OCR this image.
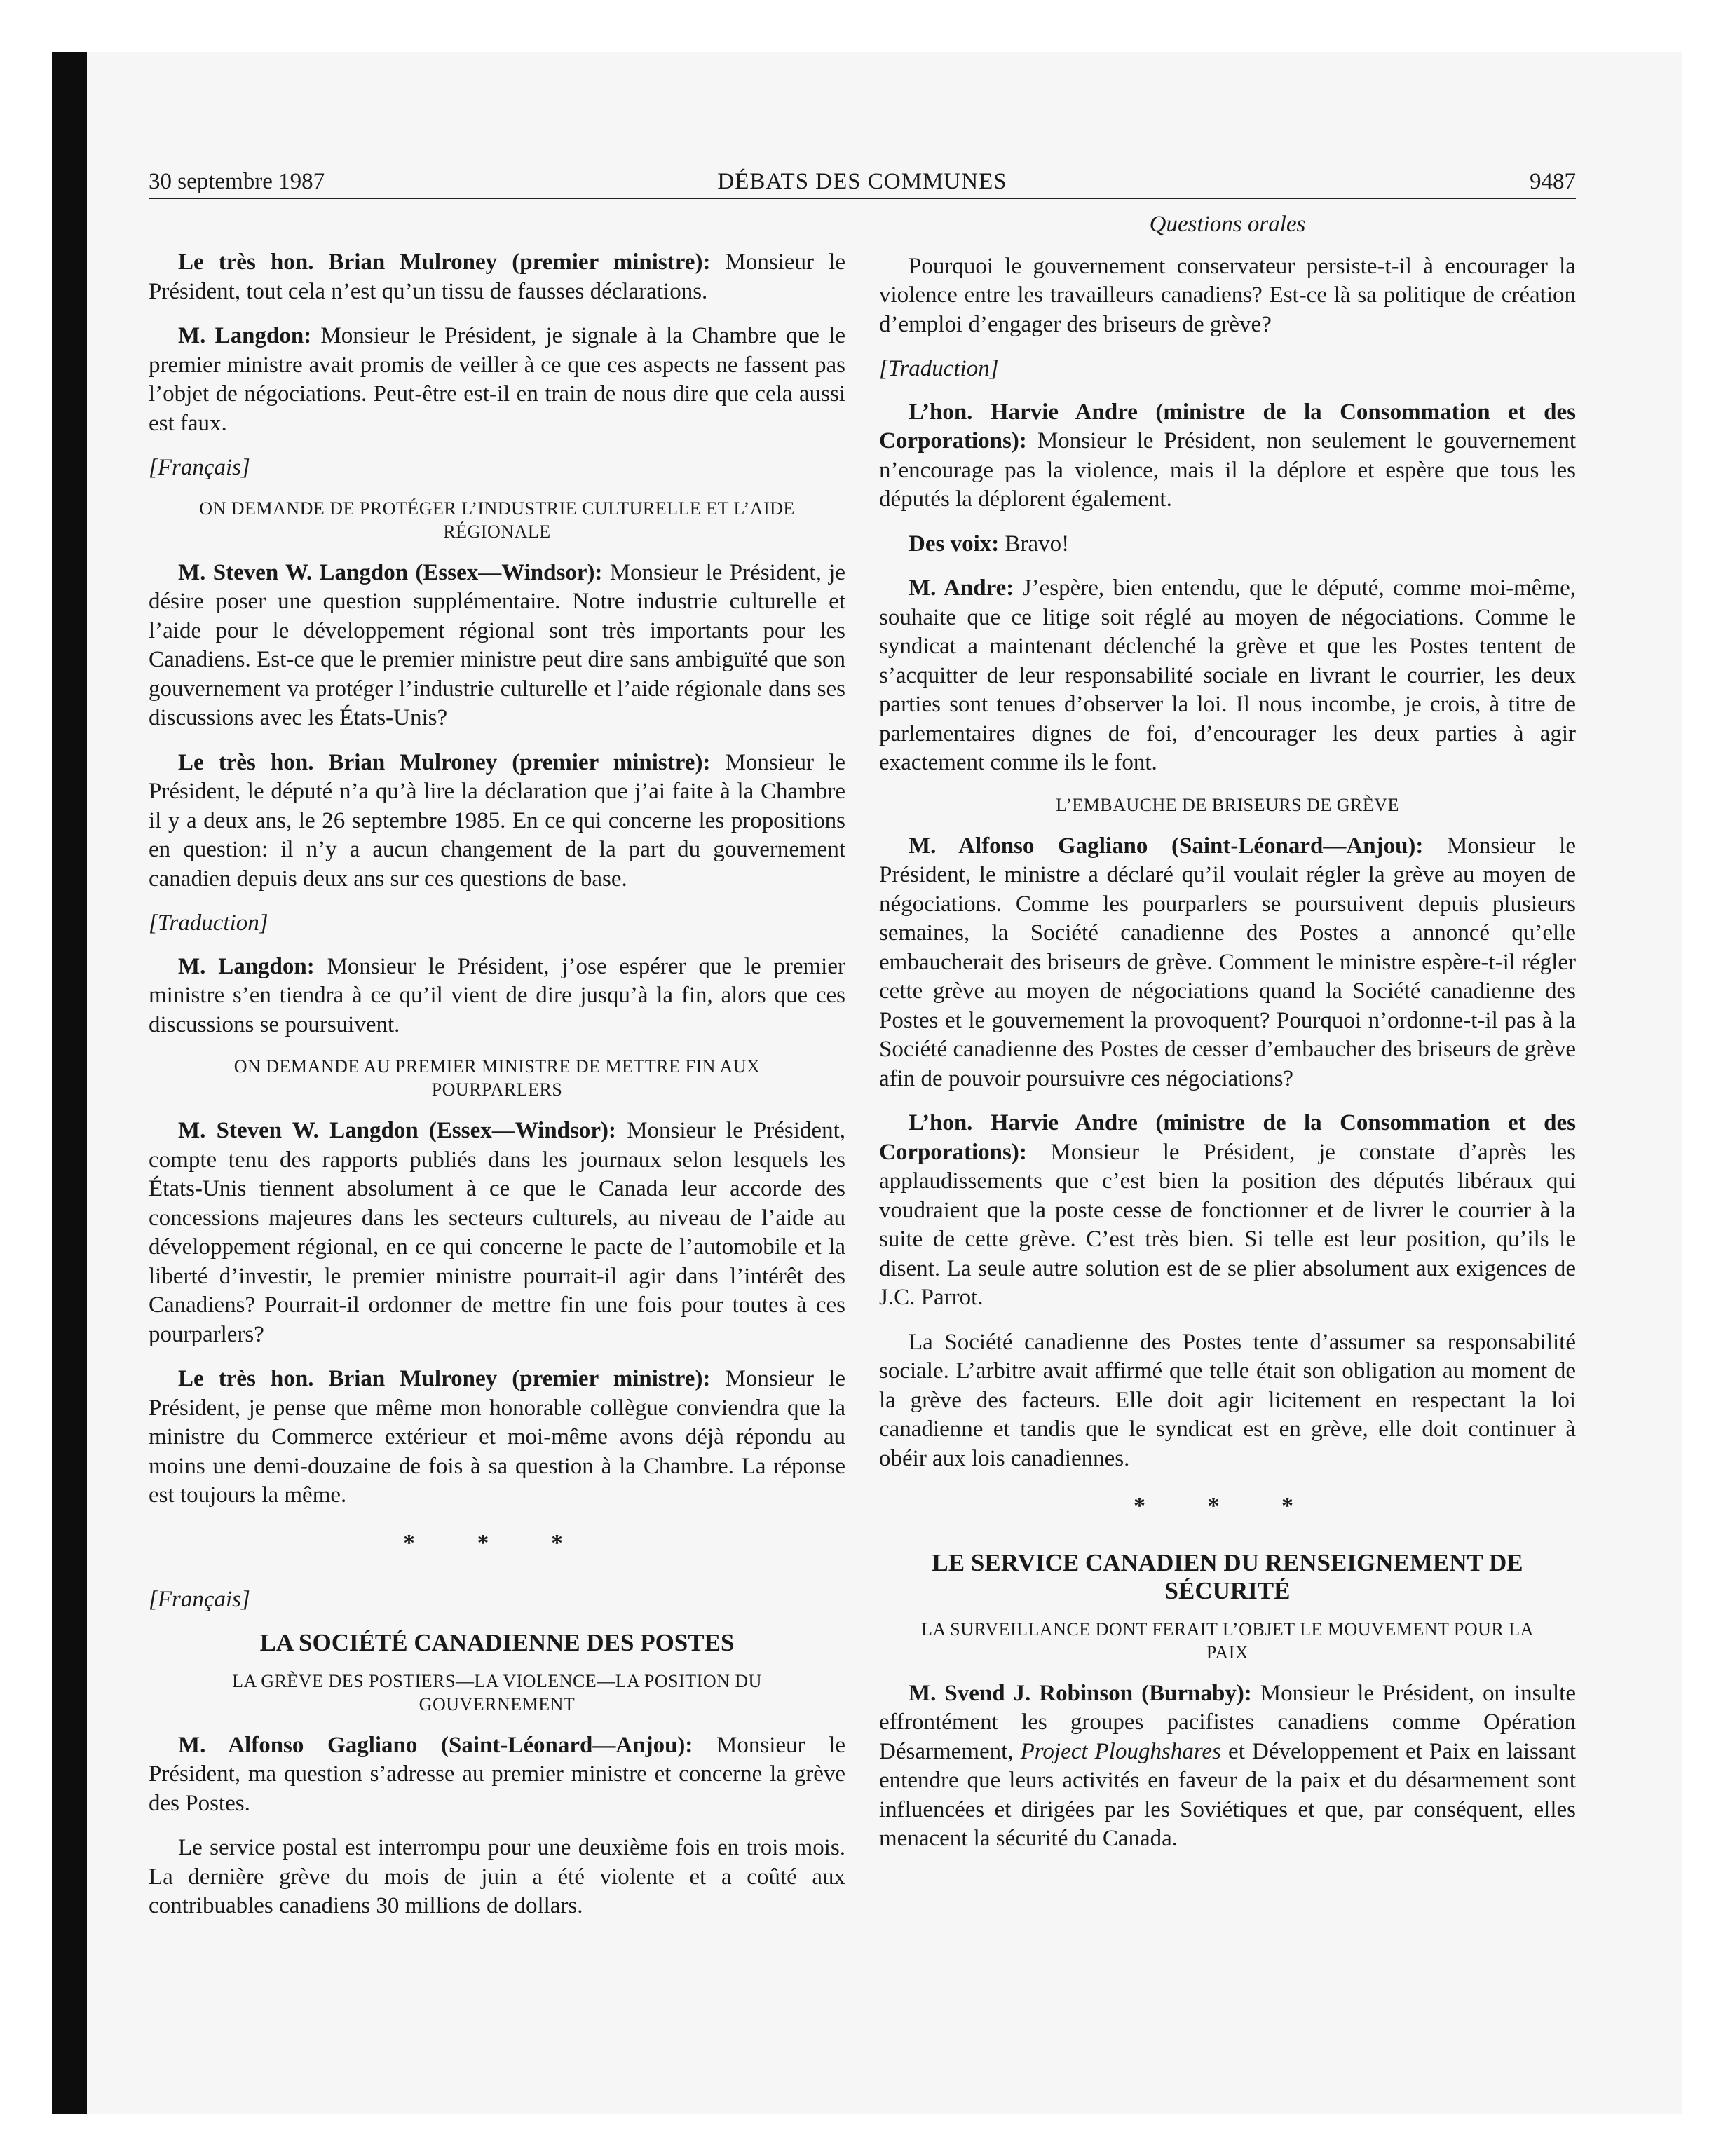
30 septembre 1987	DÉBATS DES COMMUNES	9487

Le très hon. Brian Mulroney (premier ministre): Monsieur le Président, tout cela n’est qu’un tissu de fausses déclarations.

M. Langdon: Monsieur le Président, je signale à la Chambre que le premier ministre avait promis de veiller à ce que ces aspects ne fassent pas l’objet de négociations. Peut-être est-il en train de nous dire que cela aussi est faux.

[Français]
ON DEMANDE DE PROTÉGER L’INDUSTRIE CULTURELLE ET L’AIDE RÉGIONALE

M. Steven W. Langdon (Essex—Windsor): Monsieur le Président, je désire poser une question supplémentaire. Notre industrie culturelle et l’aide pour le développement régional sont très importants pour les Canadiens. Est-ce que le premier ministre peut dire sans ambiguïté que son gouvernement va protéger l’industrie culturelle et l’aide régionale dans ses discussions avec les États-Unis?

Le très hon. Brian Mulroney (premier ministre): Monsieur le Président, le député n’a qu’à lire la déclaration que j’ai faite à la Chambre il y a deux ans, le 26 septembre 1985. En ce qui concerne les propositions en question: il n’y a aucun changement de la part du gouvernement canadien depuis deux ans sur ces questions de base.

[Traduction]

M. Langdon: Monsieur le Président, j’ose espérer que le premier ministre s’en tiendra à ce qu’il vient de dire jusqu’à la fin, alors que ces discussions se poursuivent.

ON DEMANDE AU PREMIER MINISTRE DE METTRE FIN AUX POURPARLERS

M. Steven W. Langdon (Essex—Windsor): Monsieur le Président, compte tenu des rapports publiés dans les journaux selon lesquels les États-Unis tiennent absolument à ce que le Canada leur accorde des concessions majeures dans les secteurs culturels, au niveau de l’aide au développement régional, en ce qui concerne le pacte de l’automobile et la liberté d’investir, le premier ministre pourrait-il agir dans l’intérêt des Canadiens? Pourrait-il ordonner de mettre fin une fois pour toutes à ces pourparlers?

Le très hon. Brian Mulroney (premier ministre): Monsieur le Président, je pense que même mon honorable collègue conviendra que la ministre du Commerce extérieur et moi-même avons déjà répondu au moins une demi-douzaine de fois à sa question à la Chambre. La réponse est toujours la même.

* * *
[Français]
LA SOCIÉTÉ CANADIENNE DES POSTES
LA GRÈVE DES POSTIERS—LA VIOLENCE—LA POSITION DU GOUVERNEMENT

M. Alfonso Gagliano (Saint-Léonard—Anjou): Monsieur le Président, ma question s’adresse au premier ministre et concerne la grève des Postes.

Le service postal est interrompu pour une deuxième fois en trois mois. La dernière grève du mois de juin a été violente et a coûté aux contribuables canadiens 30 millions de dollars.

Questions orales

Pourquoi le gouvernement conservateur persiste-t-il à encourager la violence entre les travailleurs canadiens? Est-ce là sa politique de création d’emploi d’engager des briseurs de grève?

[Traduction]

L’hon. Harvie Andre (ministre de la Consommation et des Corporations): Monsieur le Président, non seulement le gouvernement n’encourage pas la violence, mais il la déplore et espère que tous les députés la déplorent également.

Des voix: Bravo!

M. Andre: J’espère, bien entendu, que le député, comme moi-même, souhaite que ce litige soit réglé au moyen de négociations. Comme le syndicat a maintenant déclenché la grève et que les Postes tentent de s’acquitter de leur responsabilité sociale en livrant le courrier, les deux parties sont tenues d’observer la loi. Il nous incombe, je crois, à titre de parlementaires dignes de foi, d’encourager les deux parties à agir exactement comme ils le font.

L’EMBAUCHE DE BRISEURS DE GRÈVE

M. Alfonso Gagliano (Saint-Léonard—Anjou): Monsieur le Président, le ministre a déclaré qu’il voulait régler la grève au moyen de négociations. Comme les pourparlers se poursuivent depuis plusieurs semaines, la Société canadienne des Postes a annoncé qu’elle embaucherait des briseurs de grève. Comment le ministre espère-t-il régler cette grève au moyen de négociations quand la Société canadienne des Postes et le gouvernement la provoquent? Pourquoi n’ordonne-t-il pas à la Société canadienne des Postes de cesser d’embaucher des briseurs de grève afin de pouvoir poursuivre ces négociations?

L’hon. Harvie Andre (ministre de la Consommation et des Corporations): Monsieur le Président, je constate d’après les applaudissements que c’est bien la position des députés libéraux qui voudraient que la poste cesse de fonctionner et de livrer le courrier à la suite de cette grève. C’est très bien. Si telle est leur position, qu’ils le disent. La seule autre solution est de se plier absolument aux exigences de J.C. Parrot.

La Société canadienne des Postes tente d’assumer sa responsabilité sociale. L’arbitre avait affirmé que telle était son obligation au moment de la grève des facteurs. Elle doit agir licitement en respectant la loi canadienne et tandis que le syndicat est en grève, elle doit continuer à obéir aux lois canadiennes.

* * *
LE SERVICE CANADIEN DU RENSEIGNEMENT DE SÉCURITÉ
LA SURVEILLANCE DONT FERAIT L’OBJET LE MOUVEMENT POUR LA PAIX

M. Svend J. Robinson (Burnaby): Monsieur le Président, on insulte effrontément les groupes pacifistes canadiens comme Opération Désarmement, Project Ploughshares et Développement et Paix en laissant entendre que leurs activités en faveur de la paix et du désarmement sont influencées et dirigées par les Soviétiques et que, par conséquent, elles menacent la sécurité du Canada.
